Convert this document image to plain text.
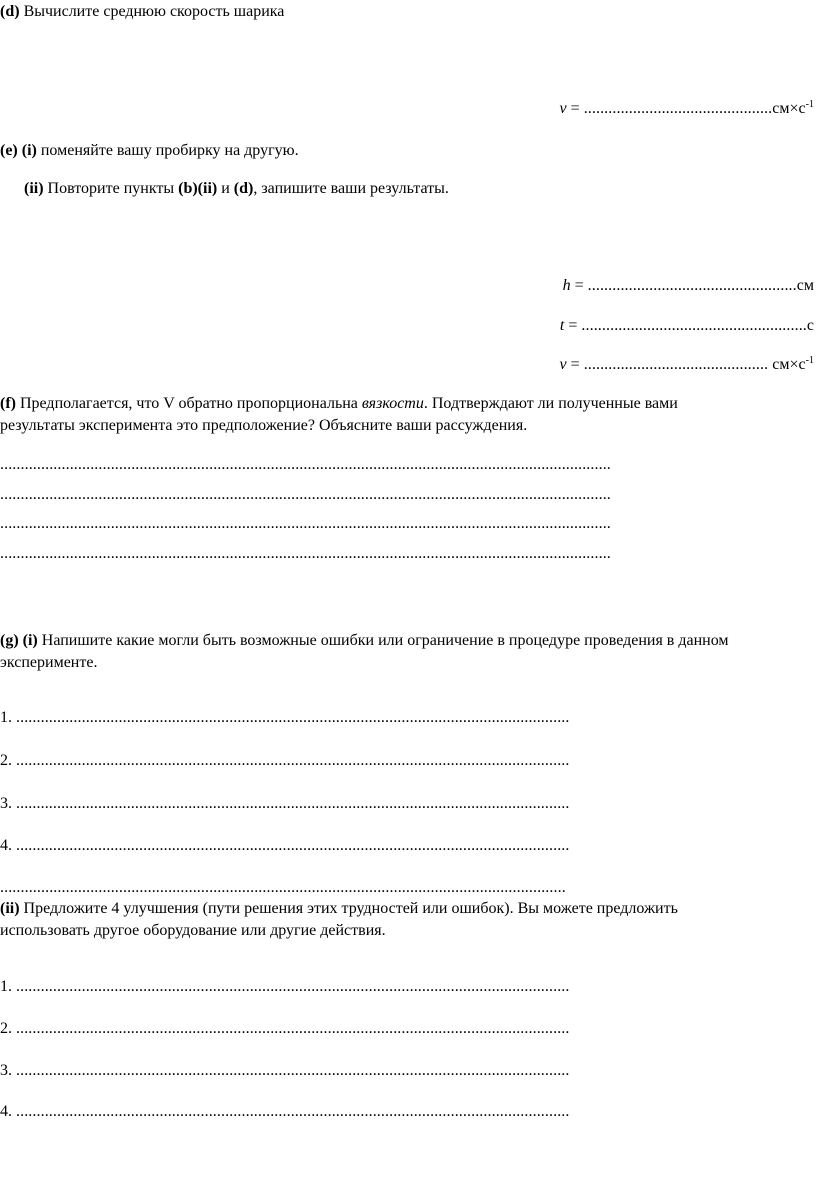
(d) Вычислите среднюю скорость шарика
$v = ..............................................см\times с^{-1}$
(e) (i) поменяйте вашу пробирку на другую.
(ii) Повторите пункты (b)(ii) и (d), запишите ваши результаты.
h = ...................................................см
t = .......................................................с
v = ............................................. $см\times с^{-1}$
(f) Предполагается, что V обратно пропорциональна вязкости. Подтверждают ли полученные вами
результаты эксперимента это предположение? Объясните ваши рассуждения.
.....................................................................................................................................................
.....................................................................................................................................................
.....................................................................................................................................................
.....................................................................................................................................................
(g) (i) Напишите какие могли быть возможные ошибки или ограничение в процедуре проведения в данном
эксперименте.
1. .......................................................................................................................................
2. .......................................................................................................................................
3. .......................................................................................................................................
4. .......................................................................................................................................
..........................................................................................................................................
(ii) Предложите 4 улучшения (пути решения этих трудностей или ошибок). Вы можете предложить
использовать другое оборудование или другие действия.
1. .......................................................................................................................................
2. .......................................................................................................................................
3. .......................................................................................................................................
4. .......................................................................................................................................
